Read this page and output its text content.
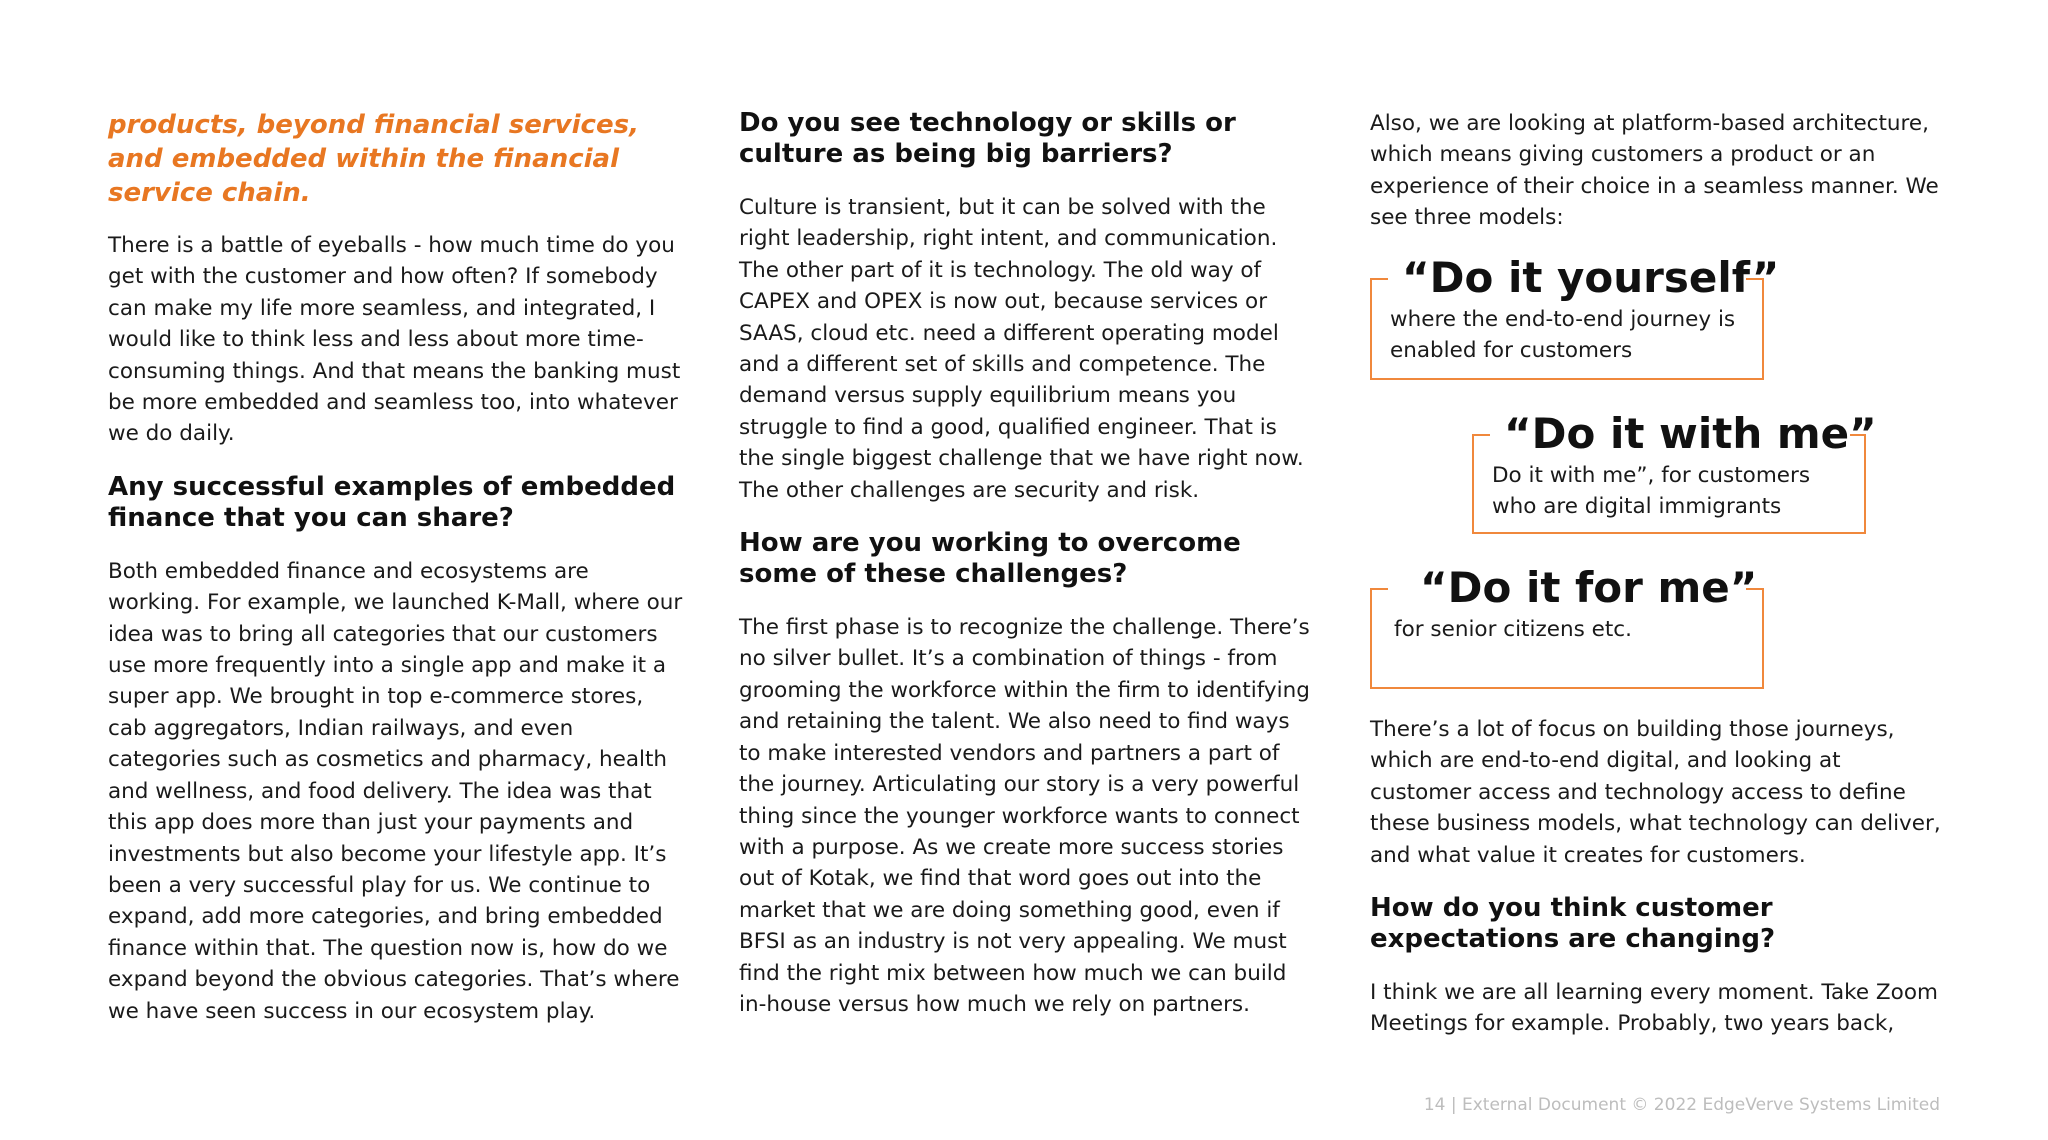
products, beyond financial services, and embedded within the financial service chain.

There is a battle of eyeballs - how much time do you get with the customer and how often? If somebody can make my life more seamless, and integrated, I would like to think less and less about more time-consuming things. And that means the banking must be more embedded and seamless too, into whatever we do daily.

Any successful examples of embedded finance that you can share?

Both embedded finance and ecosystems are working. For example, we launched K-Mall, where our idea was to bring all categories that our customers use more frequently into a single app and make it a super app. We brought in top e-commerce stores, cab aggregators, Indian railways, and even categories such as cosmetics and pharmacy, health and wellness, and food delivery. The idea was that this app does more than just your payments and investments but also become your lifestyle app. It’s been a very successful play for us. We continue to expand, add more categories, and bring embedded finance within that. The question now is, how do we expand beyond the obvious categories. That’s where we have seen success in our ecosystem play.

Do you see technology or skills or culture as being big barriers?

Culture is transient, but it can be solved with the right leadership, right intent, and communication. The other part of it is technology. The old way of CAPEX and OPEX is now out, because services or SAAS, cloud etc. need a different operating model and a different set of skills and competence. The demand versus supply equilibrium means you struggle to find a good, qualified engineer. That is the single biggest challenge that we have right now. The other challenges are security and risk.

How are you working to overcome some of these challenges?

The first phase is to recognize the challenge. There’s no silver bullet. It’s a combination of things - from grooming the workforce within the firm to identifying and retaining the talent. We also need to find ways to make interested vendors and partners a part of the journey. Articulating our story is a very powerful thing since the younger workforce wants to connect with a purpose. As we create more success stories out of Kotak, we find that word goes out into the market that we are doing something good, even if BFSI as an industry is not very appealing. We must find the right mix between how much we can build in-house versus how much we rely on partners.

Also, we are looking at platform-based architecture, which means giving customers a product or an experience of their choice in a seamless manner. We see three models:

“Do it yourself”
where the end-to-end journey is enabled for customers
“Do it with me”
Do it with me”, for customers who are digital immigrants
“Do it for me”
for senior citizens etc.

There’s a lot of focus on building those journeys, which are end-to-end digital, and looking at customer access and technology access to define these business models, what technology can deliver, and what value it creates for customers.

How do you think customer expectations are changing?

I think we are all learning every moment. Take Zoom Meetings for example. Probably, two years back,

14 | External Document © 2022 EdgeVerve Systems Limited
